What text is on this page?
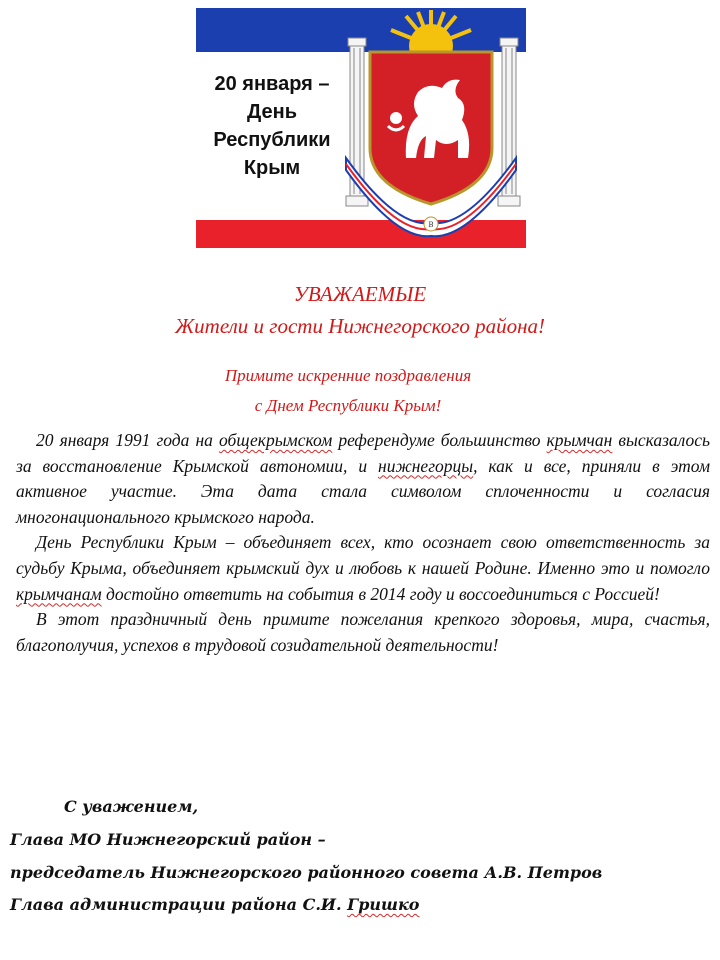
В
20 января –
День
Республики
Крым
УВАЖАЕМЫЕ
Жители и гости Нижнегорского района!
Примите искренние поздравления
с Днем Республики Крым!

20 января 1991 года на общекрымском референдуме большинство крымчан высказалось за восстановление Крымской автономии, и нижнегорцы, как и все, приняли в этом активное участие. Эта дата стала символом сплоченности и согласия многонационального крымского народа.

День Республики Крым – объединяет всех, кто осознает свою ответственность за судьбу Крыма, объединяет крымский дух и любовь к нашей Родине. Именно это и помогло крымчанам достойно ответить на события в 2014 году и воссоединиться с Россией!

В этот праздничный день примите пожелания крепкого здоровья, мира, счастья, благополучия, успехов в трудовой созидательной деятельности!

С уважением,
Глава МО Нижнегорский район –
председатель Нижнегорского районного совета А.В. Петров
Глава администрации района С.И. Гришко
